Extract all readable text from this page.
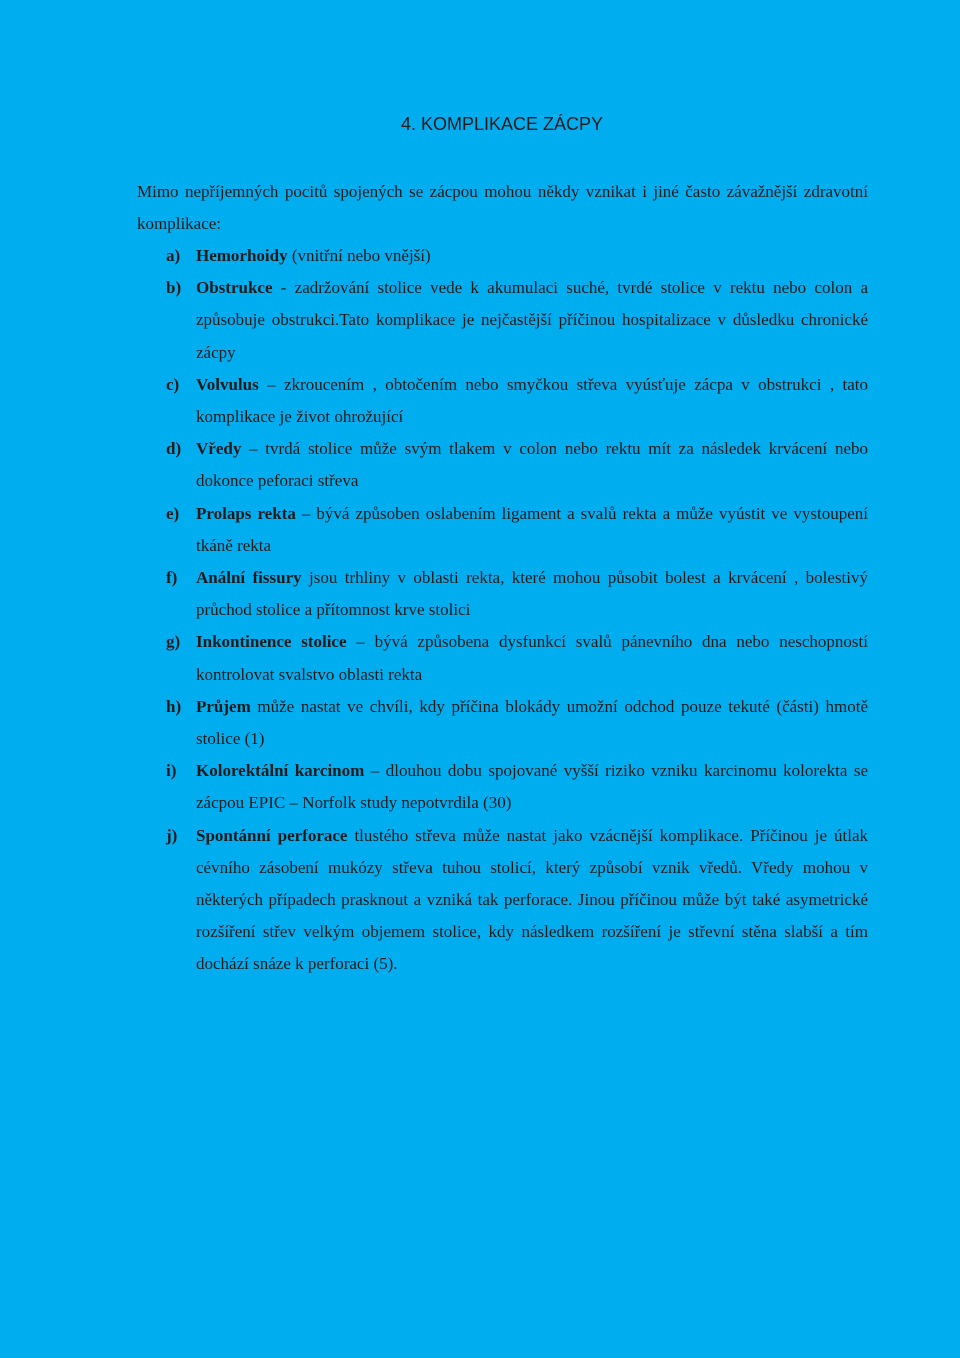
4. KOMPLIKACE ZÁCPY

Mimo nepříjemných pocitů spojených se zácpou mohou někdy vznikat i jiné často závažnější zdravotní komplikace:

a) Hemorhoidy (vnitřní nebo vnější)
b) Obstrukce - zadržování stolice vede k akumulaci suché, tvrdé stolice v rektu nebo colon a způsobuje obstrukci.Tato komplikace je nejčastější příčinou hospitalizace v důsledku chronické zácpy
c) Volvulus – zkroucením , obtočením nebo smyčkou střeva vyúsťuje zácpa v obstrukci , tato komplikace je život ohrožující
d) Vředy – tvrdá stolice může svým tlakem v colon nebo rektu mít za následek krvácení nebo dokonce peforaci střeva
e) Prolaps rekta – bývá způsoben oslabením ligament a svalů rekta a může vyústit ve vystoupení tkáně rekta
f) Anální fissury jsou trhliny v oblasti rekta, které mohou působit bolest a krvácení , bolestivý průchod stolice a přítomnost krve stolici
g) Inkontinence stolice – bývá způsobena dysfunkcí svalů pánevního dna nebo neschopností kontrolovat svalstvo oblasti rekta
h) Průjem může nastat ve chvíli, kdy příčina blokády umožní odchod pouze tekuté (části) hmotě stolice (1)
i) Kolorektální karcinom – dlouhou dobu spojované vyšší riziko vzniku karcinomu kolorekta se zácpou EPIC – Norfolk study nepotvrdila (30)
j) Spontánní perforace tlustého střeva může nastat jako vzácnější komplikace. Příčinou je útlak cévního zásobení mukózy střeva tuhou stolicí, který způsobí vznik vředů. Vředy mohou v některých případech prasknout a vzniká tak perforace. Jinou příčinou může být také asymetrické rozšíření střev velkým objemem stolice, kdy následkem rozšíření je střevní stěna slabší a tím dochází snáze k perforaci (5).
